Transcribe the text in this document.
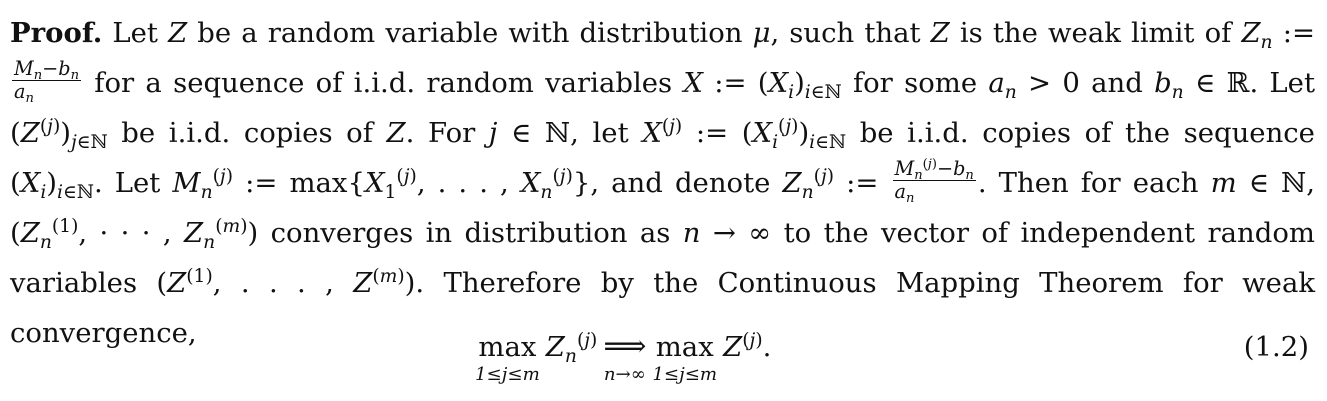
Proof. Let Z be a random variable with distribution μ, such that Z is the weak limit of $Z_n$ :=
$\frac{M_n-b_n}{a_n}$ for a sequence of i.i.d. random variables X := $(X_i)_{i\in ℕ}$ for some $a_n > 0$ and $b_n$ ∈ ℝ. Let $(Z^{(j)})_{j\in ℕ}$ be i.i.d. copies of Z. For j ∈ ℕ, let $X^{(j)}$ := $(X_i^{(j)})_{i\in ℕ}$ be i.i.d. copies of the sequence $(X_i)_{i\in ℕ}$. Let $M_n^{(j)}$ := $\max\{X_1^{(j)}$, . . . , $X_n^{(j)}$}, and denote $Z_n^{(j)}$ := $\frac{M_n^{(j)}-b_n}{a_n}$ . Then for each m ∈ ℕ, ($Z_n^{(1)}$, · · · , $Z_n^{(m)}$) converges in distribution as n → ∞ to the vector of independent random variables ($Z^{(1)}$, . . . , $Z^{(m)}$). Therefore by the Continuous Mapping Theorem for weak convergence,	max
1≤j≤m
$Z_n^{(j)}$ ⟹
n→∞
max
1≤j≤m
$Z^{(j)}$.	(1.2)
